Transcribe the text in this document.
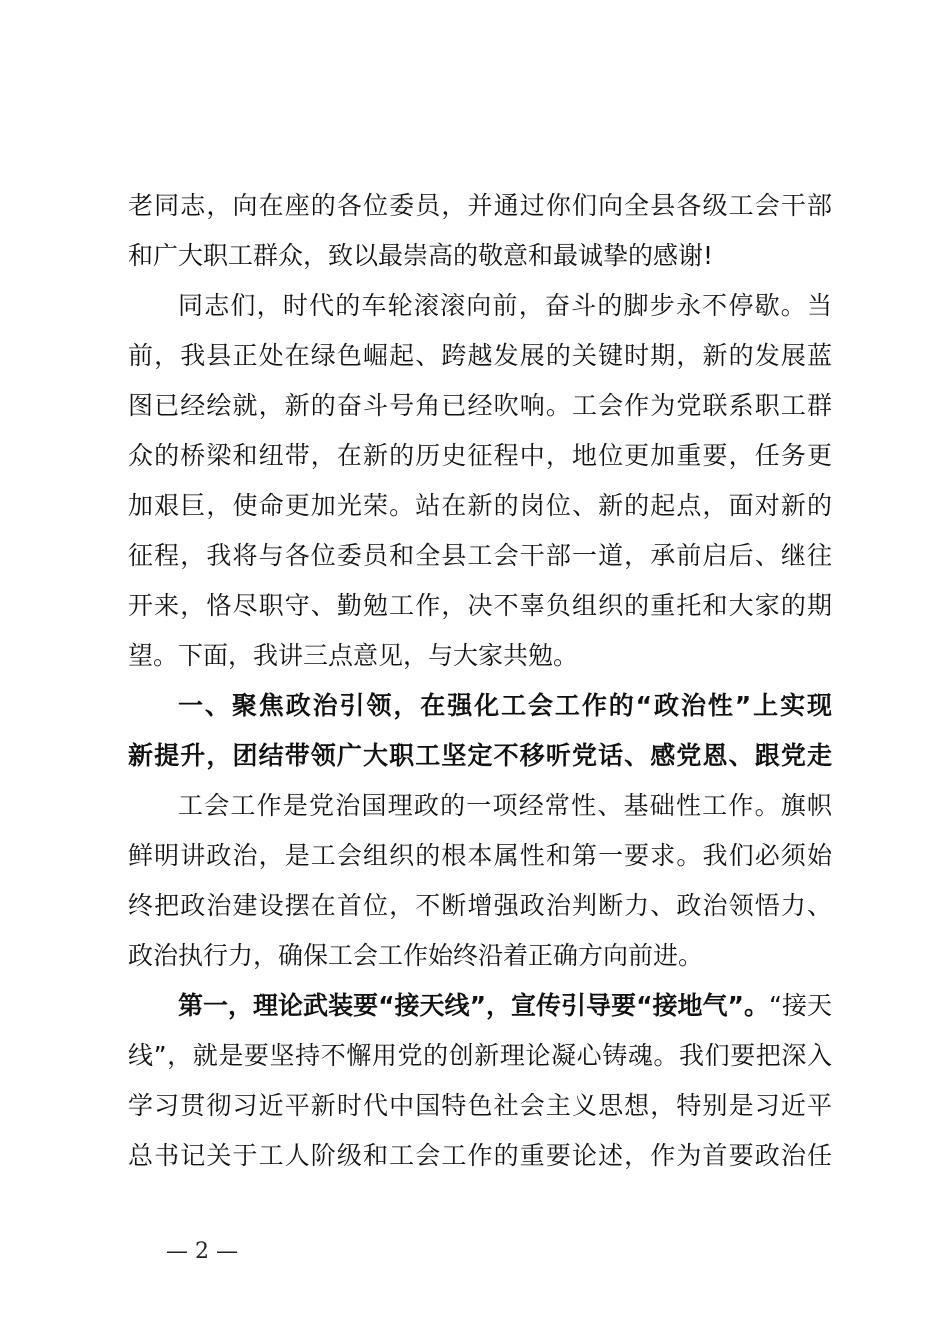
老同志，向在座的各位委员，并通过你们向全县各级工会干部
和广大职工群众，致以最崇高的敬意和最诚挚的感谢!
同志们，时代的车轮滚滚向前，奋斗的脚步永不停歇。当
前，我县正处在绿色崛起、跨越发展的关键时期，新的发展蓝
图已经绘就，新的奋斗号角已经吹响。工会作为党联系职工群
众的桥梁和纽带，在新的历史征程中，地位更加重要，任务更
加艰巨，使命更加光荣。站在新的岗位、新的起点，面对新的
征程，我将与各位委员和全县工会干部一道，承前启后、继往
开来，恪尽职守、勤勉工作，决不辜负组织的重托和大家的期
望。下面，我讲三点意见，与大家共勉。
一、聚焦政治引领，在强化工会工作的“政治性”上实现
新提升，团结带领广大职工坚定不移听党话、感党恩、跟党走
工会工作是党治国理政的一项经常性、基础性工作。旗帜
鲜明讲政治，是工会组织的根本属性和第一要求。我们必须始
终把政治建设摆在首位，不断增强政治判断力、政治领悟力、
政治执行力，确保工会工作始终沿着正确方向前进。
第一，理论武装要“接天线”，宣传引导要“接地气”。“接天
线”，就是要坚持不懈用党的创新理论凝心铸魂。我们要把深入
学习贯彻习近平新时代中国特色社会主义思想，特别是习近平
总书记关于工人阶级和工会工作的重要论述，作为首要政治任
— 2 —
